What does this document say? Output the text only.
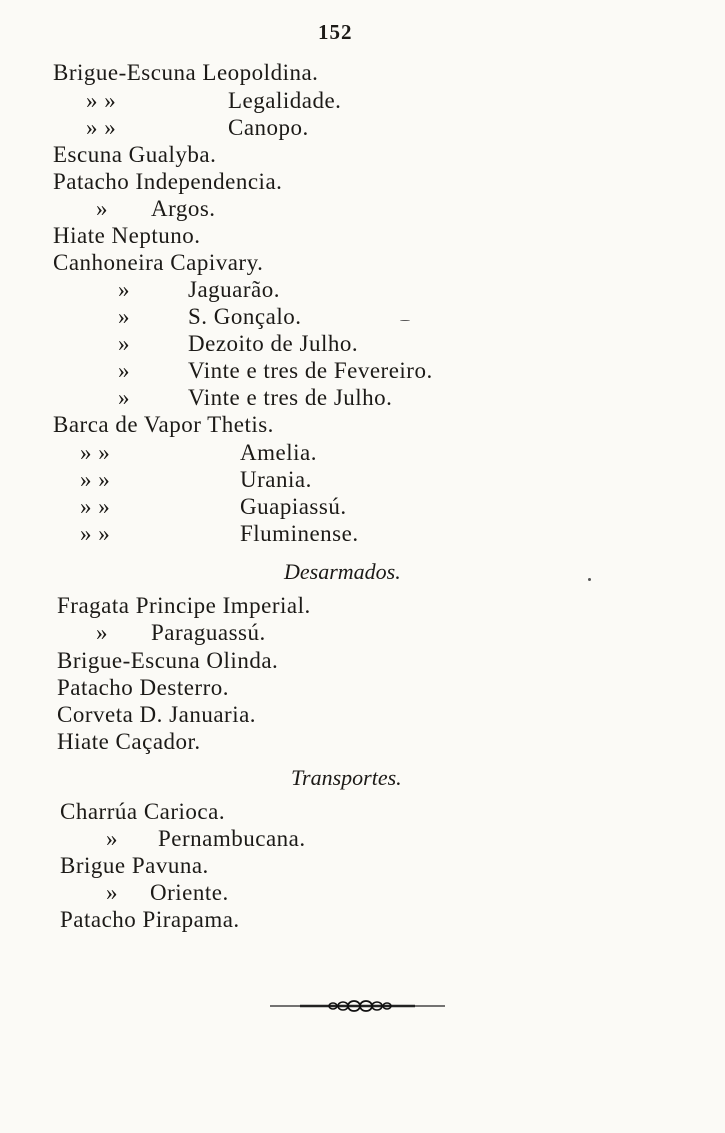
152
Brigue-Escuna Leopoldina.
» »	Legalidade.
» »	Canopo.
Escuna Gualyba.
Patacho Independencia.
» Argos.
Hiate Neptuno.
Canhoneira Capivary.
»	Jaguarão.
»	S. Gonçalo.
»	Dezoito de Julho.
»	Vinte e tres de Fevereiro.
»	Vinte e tres de Julho.
Barca de Vapor Thetis.
» »	Amelia.
» »	Urania.
» »	Guapiassú.
» »	Fluminense.
Desarmados.
Fragata Principe Imperial.
» Paraguassú.
Brigue-Escuna Olinda.
Patacho Desterro.
Corveta D. Januaria.
Hiate Caçador.
Transportes.
Charrúa Carioca.
» Pernambucana.
Brigue Pavuna.
» Oriente.
Patacho Pirapama.
